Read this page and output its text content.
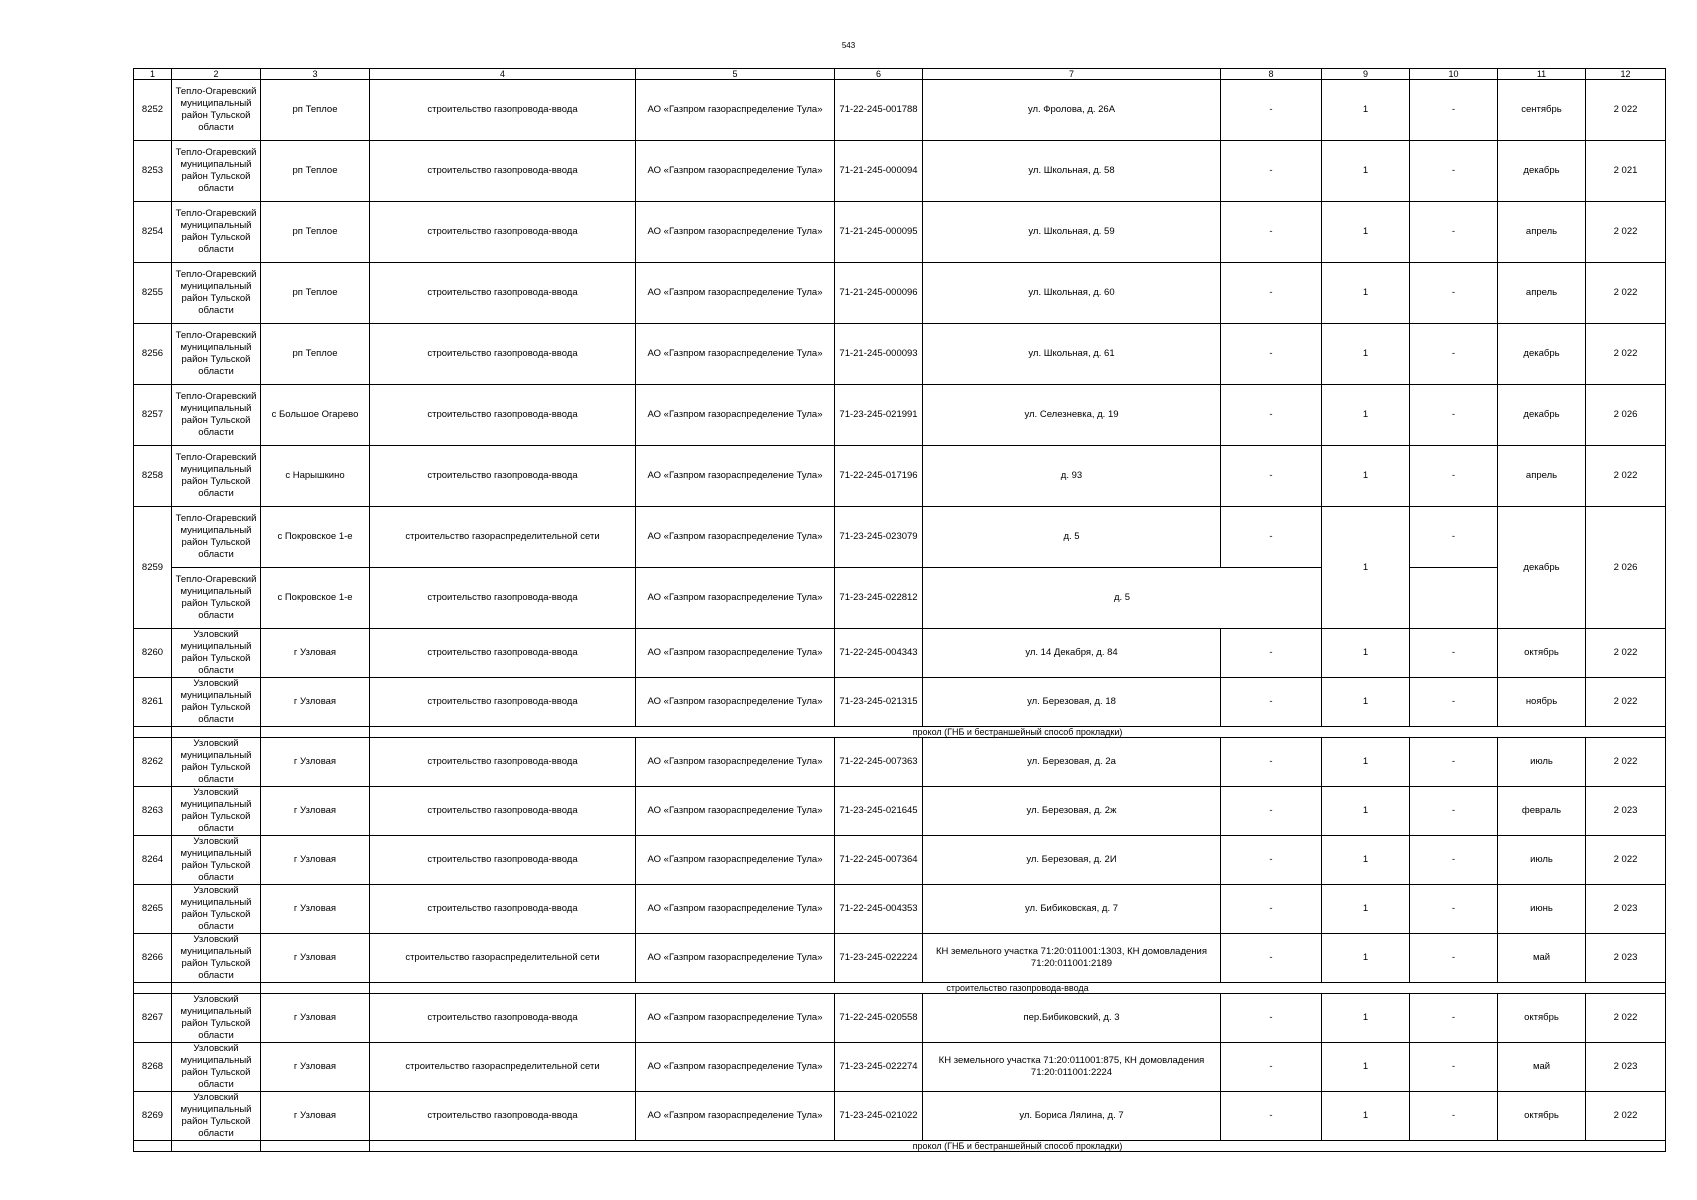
543
1	2	3	4	5	6	7	8	9	10	11	12
8252	Тепло-Огаревский муниципальный район Тульской области	рп Теплое	строительство газопровода-ввода	АО «Газпром газораспределение Тула»	71-22-245-001788	ул. Фролова, д. 26А	-	1	-	сентябрь	2 022
8253	Тепло-Огаревский муниципальный район Тульской области	рп Теплое	строительство газопровода-ввода	АО «Газпром газораспределение Тула»	71-21-245-000094	ул. Школьная, д. 58	-	1	-	декабрь	2 021
8254	Тепло-Огаревский муниципальный район Тульской области	рп Теплое	строительство газопровода-ввода	АО «Газпром газораспределение Тула»	71-21-245-000095	ул. Школьная, д. 59	-	1	-	апрель	2 022
8255	Тепло-Огаревский муниципальный район Тульской области	рп Теплое	строительство газопровода-ввода	АО «Газпром газораспределение Тула»	71-21-245-000096	ул. Школьная, д. 60	-	1	-	апрель	2 022
8256	Тепло-Огаревский муниципальный район Тульской области	рп Теплое	строительство газопровода-ввода	АО «Газпром газораспределение Тула»	71-21-245-000093	ул. Школьная, д. 61	-	1	-	декабрь	2 022
8257	Тепло-Огаревский муниципальный район Тульской области	с Большое Огарево	строительство газопровода-ввода	АО «Газпром газораспределение Тула»	71-23-245-021991	ул. Селезневка, д. 19	-	1	-	декабрь	2 026
8258	Тепло-Огаревский муниципальный район Тульской области	с Нарышкино	строительство газопровода-ввода	АО «Газпром газораспределение Тула»	71-22-245-017196	д. 93	-	1	-	апрель	2 022
8259	Тепло-Огаревский муниципальный район Тульской области	с Покровское 1-е	строительство газораспределительной сети	АО «Газпром газораспределение Тула»	71-23-245-023079	д. 5	-	1	-	декабрь	2 026
	Тепло-Огаревский муниципальный район Тульской области	с Покровское 1-е	строительство газопровода-ввода	АО «Газпром газораспределение Тула»	71-23-245-022812	д. 5					
8260	Узловский муниципальный район Тульской области	г Узловая	строительство газопровода-ввода	АО «Газпром газораспределение Тула»	71-22-245-004343	ул. 14 Декабря, д. 84	-	1	-	октябрь	2 022
8261	Узловский муниципальный район Тульской области	г Узловая	строительство газопровода-ввода	АО «Газпром газораспределение Тула»	71-23-245-021315	ул. Березовая, д. 18	-	1	-	ноябрь	2 022
			прокол (ГНБ и бестраншейный способ прокладки)								
8262	Узловский муниципальный район Тульской области	г Узловая	строительство газопровода-ввода	АО «Газпром газораспределение Тула»	71-22-245-007363	ул. Березовая, д. 2а	-	1	-	июль	2 022
8263	Узловский муниципальный район Тульской области	г Узловая	строительство газопровода-ввода	АО «Газпром газораспределение Тула»	71-23-245-021645	ул. Березовая, д. 2ж	-	1	-	февраль	2 023
8264	Узловский муниципальный район Тульской области	г Узловая	строительство газопровода-ввода	АО «Газпром газораспределение Тула»	71-22-245-007364	ул. Березовая, д. 2И	-	1	-	июль	2 022
8265	Узловский муниципальный район Тульской области	г Узловая	строительство газопровода-ввода	АО «Газпром газораспределение Тула»	71-22-245-004353	ул. Бибиковская, д. 7	-	1	-	июнь	2 023
8266	Узловский муниципальный район Тульской области	г Узловая	строительство газораспределительной сети	АО «Газпром газораспределение Тула»	71-23-245-022224	КН земельного участка 71:20:011001:1303, КН домовладения 71:20:011001:2189	-	1	-	май	2 023
			строительство газопровода-ввода								
8267	Узловский муниципальный район Тульской области	г Узловая	строительство газопровода-ввода	АО «Газпром газораспределение Тула»	71-22-245-020558	пер.Бибиковский, д. 3	-	1	-	октябрь	2 022
8268	Узловский муниципальный район Тульской области	г Узловая	строительство газораспределительной сети	АО «Газпром газораспределение Тула»	71-23-245-022274	КН земельного участка 71:20:011001:875, КН домовладения 71:20:011001:2224	-	1	-	май	2 023
8269	Узловский муниципальный район Тульской области	г Узловая	строительство газопровода-ввода	АО «Газпром газораспределение Тула»	71-23-245-021022	ул. Бориса Лялина, д. 7	-	1	-	октябрь	2 022
			прокол (ГНБ и бестраншейный способ прокладки)								
